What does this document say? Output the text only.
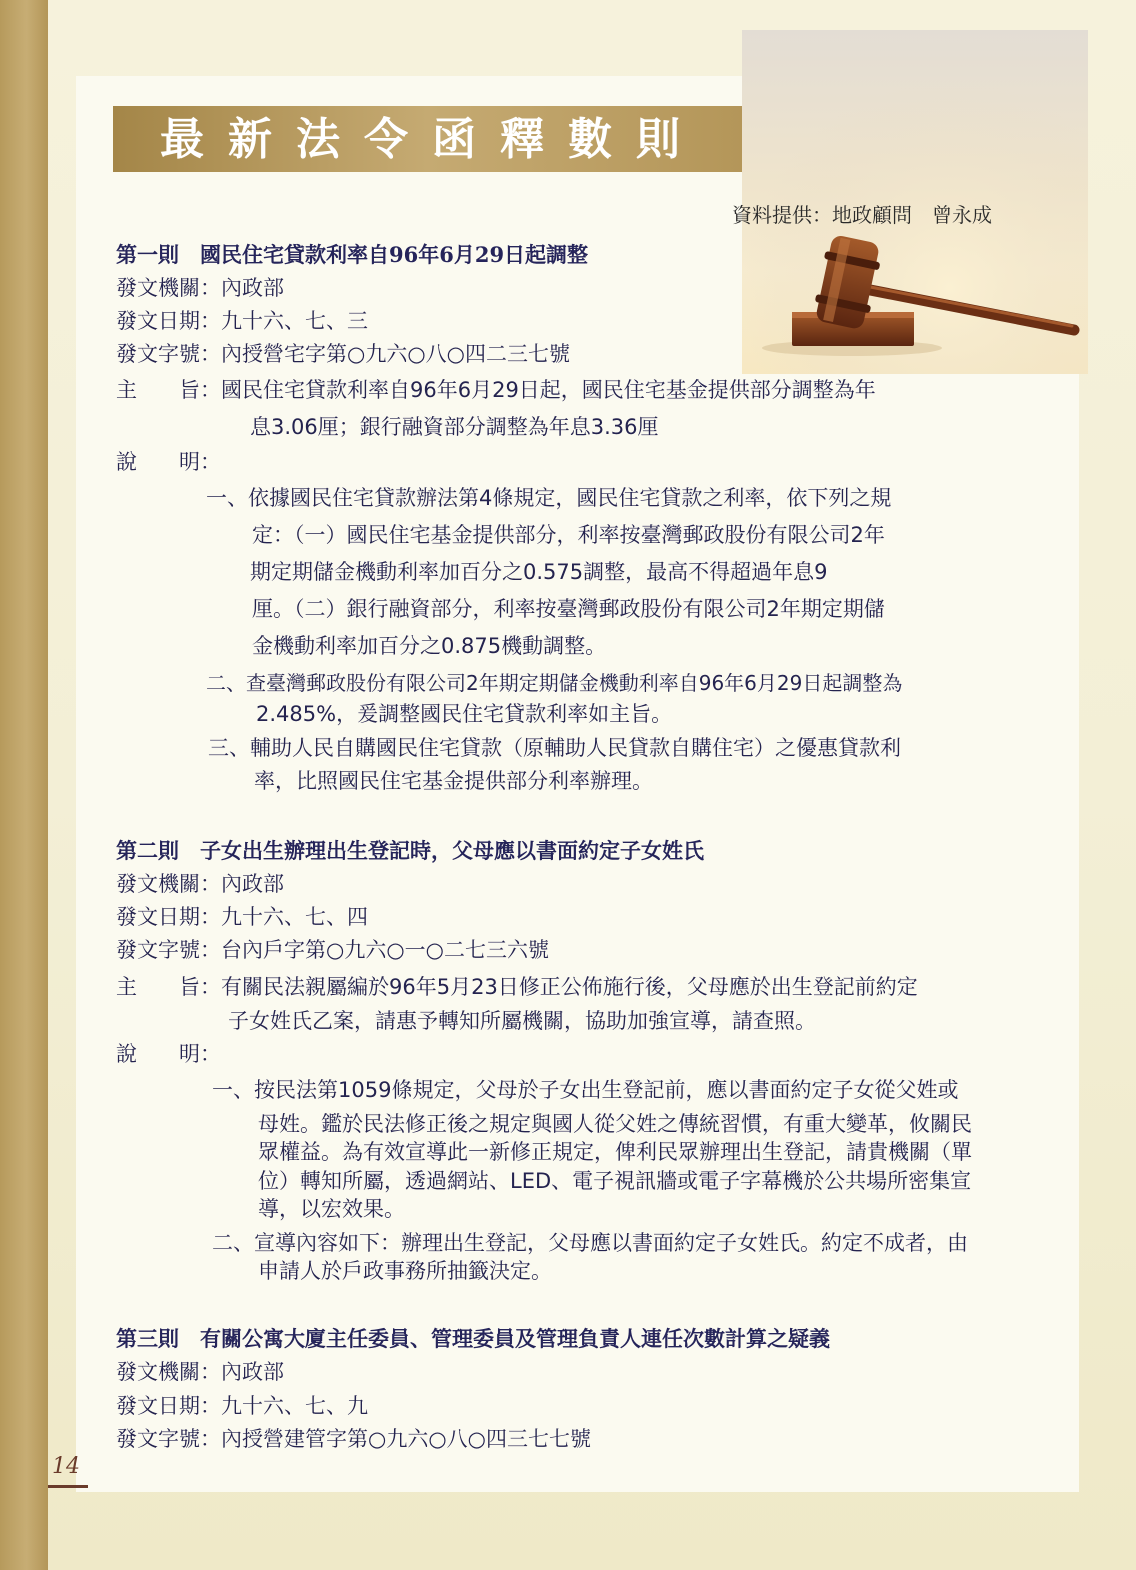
最新法令函釋數則
資料提供：地政顧問　曾永成
第一則　國民住宅貸款利率自96年6月29日起調整
發文機關：內政部
發文日期：九十六、七、三
發文字號：內授營宅字第○九六○八○四二三七號
主　　旨：國民住宅貸款利率自96年6月29日起，國民住宅基金提供部分調整為年
息3.06厘；銀行融資部分調整為年息3.36厘
說　　明：
一、依據國民住宅貸款辦法第4條規定，國民住宅貸款之利率，依下列之規
定：（一）國民住宅基金提供部分，利率按臺灣郵政股份有限公司2年
期定期儲金機動利率加百分之0.575調整，最高不得超過年息9
厘。（二）銀行融資部分，利率按臺灣郵政股份有限公司2年期定期儲
金機動利率加百分之0.875機動調整。
二、查臺灣郵政股份有限公司2年期定期儲金機動利率自96年6月29日起調整為
2.485%，爰調整國民住宅貸款利率如主旨。
三、輔助人民自購國民住宅貸款（原輔助人民貸款自購住宅）之優惠貸款利
率，比照國民住宅基金提供部分利率辦理。
第二則　子女出生辦理出生登記時，父母應以書面約定子女姓氏
發文機關：內政部
發文日期：九十六、七、四
發文字號：台內戶字第○九六○一○二七三六號
主　　旨：有關民法親屬編於96年5月23日修正公佈施行後，父母應於出生登記前約定
子女姓氏乙案，請惠予轉知所屬機關，協助加強宣導，請查照。
說　　明：
一、按民法第1059條規定，父母於子女出生登記前，應以書面約定子女從父姓或
母姓。鑑於民法修正後之規定與國人從父姓之傳統習慣，有重大變革，攸關民
眾權益。為有效宣導此一新修正規定，俾利民眾辦理出生登記，請貴機關（單
位）轉知所屬，透過網站、LED、電子視訊牆或電子字幕機於公共場所密集宣
導，以宏效果。
二、宣導內容如下：辦理出生登記，父母應以書面約定子女姓氏。約定不成者，由
申請人於戶政事務所抽籤決定。
第三則　有關公寓大廈主任委員、管理委員及管理負責人連任次數計算之疑義
發文機關：內政部
發文日期：九十六、七、九
發文字號：內授營建管字第○九六○八○四三七七號
14
